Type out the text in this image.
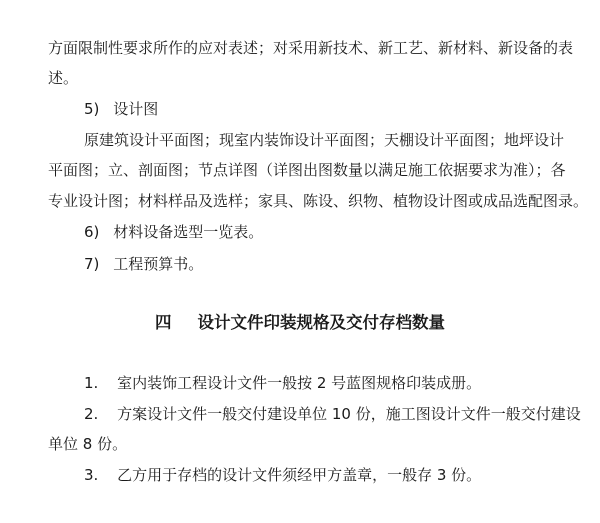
方面限制性要求所作的应对表述；对采用新技术、新工艺、新材料、新设备的表
述。
5) 设计图
原建筑设计平面图；现室内装饰设计平面图；天棚设计平面图；地坪设计
平面图；立、剖面图；节点详图（详图出图数量以满足施工依据要求为准）；各
专业设计图；材料样品及选样；家具、陈设、织物、植物设计图或成品选配图录。
6) 材料设备选型一览表。
7) 工程预算书。
四 设计文件印装规格及交付存档数量
1. 室内装饰工程设计文件一般按 2 号蓝图规格印装成册。
2. 方案设计文件一般交付建设单位 10 份，施工图设计文件一般交付建设
单位 8 份。
3. 乙方用于存档的设计文件须经甲方盖章，一般存 3 份。
